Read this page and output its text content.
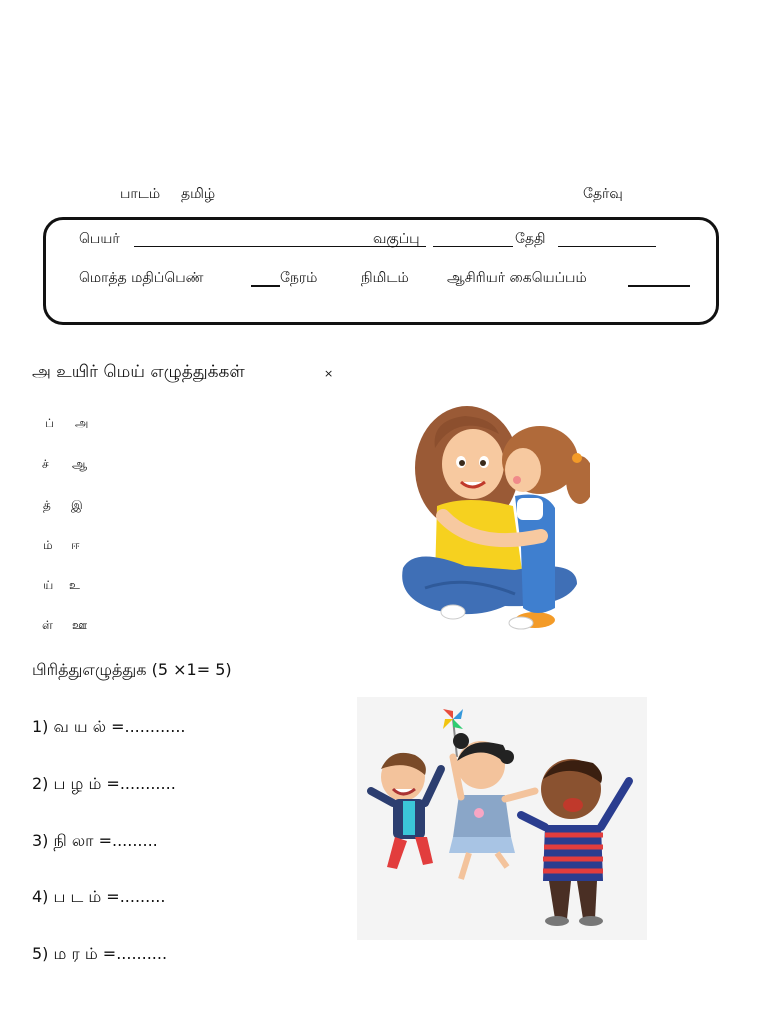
பாடம் தமிழ்	தேர்வு
பெயர்	வகுப்பு	தேதி
மொத்த மதிப்பெண்	நேரம்	நிமிடம்	ஆசிரியர் கையெப்பம்
அ உயிர் மெய் எழுத்துக்கள்	×
ப் அ
ச் ஆ
த் இ
ம் ஈ
ய் உ
ள் ஊ
பிரித்துஎழுத்துக (5 ×1= 5)
1) வ ய ல் =............
2) ப ழ ம் =...........
3) நி லா =.........
4) ப ட ம் =.........
5) ம ர ம் =..........
